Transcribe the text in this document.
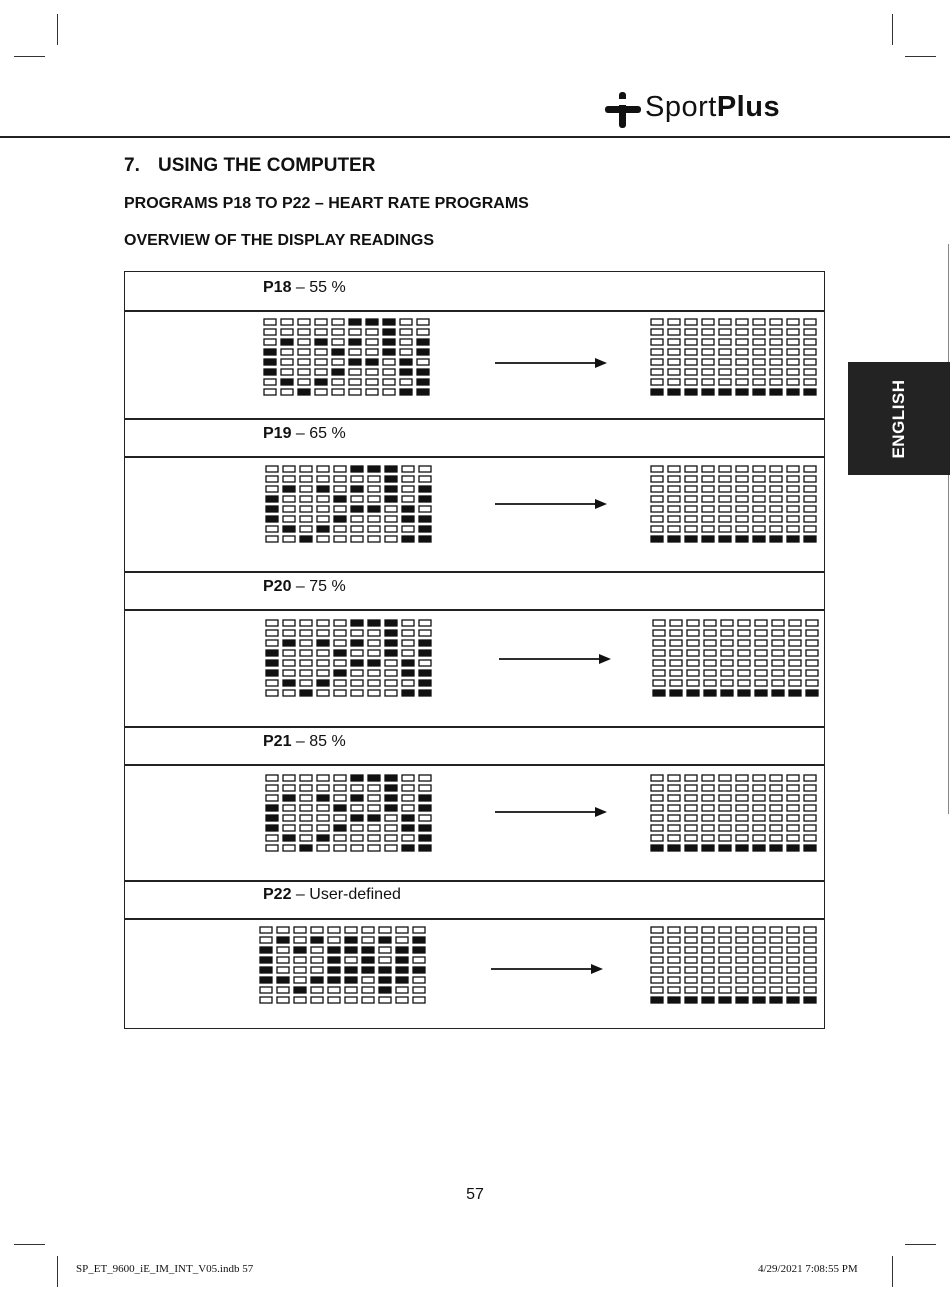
SportPlus
7. USING THE COMPUTER
PROGRAMS P18 TO P22 – HEART RATE PROGRAMS
OVERVIEW OF THE DISPLAY READINGS
ENGLISH
P18 – 55 %
P19 – 65 %
P20 – 75 %
P21 – 85 %
P22 – User-defined
57
SP_ET_9600_iE_IM_INT_V05.indb 57	4/29/2021 7:08:55 PM
